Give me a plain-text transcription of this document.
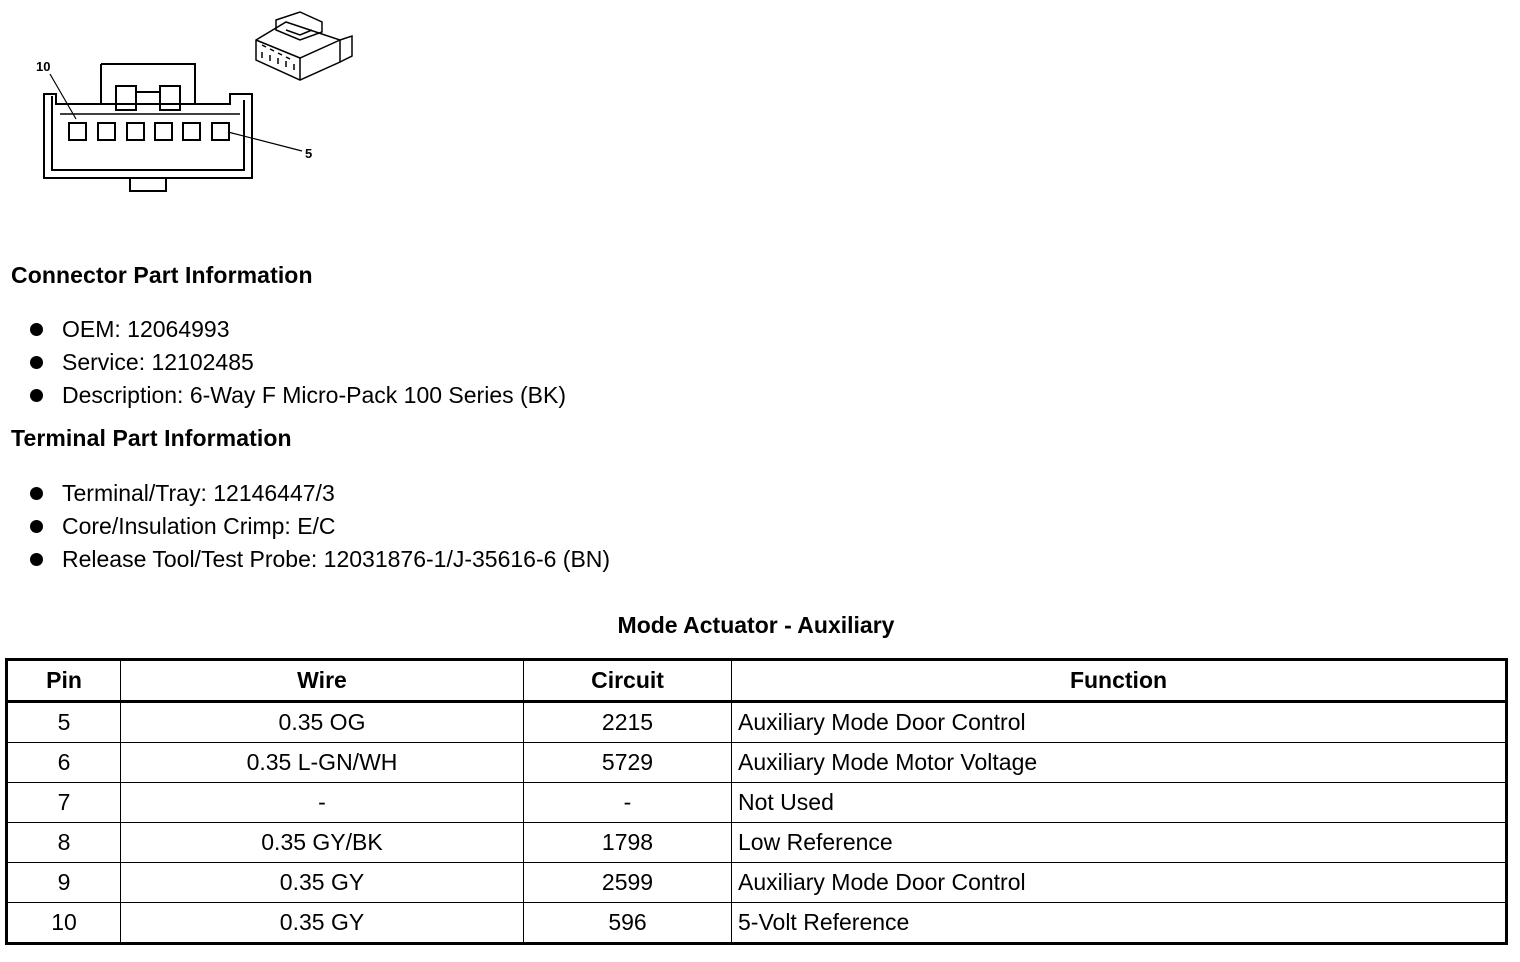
10
5
Connector Part Information
OEM: 12064993
Service: 12102485
Description: 6-Way F Micro-Pack 100 Series (BK)
Terminal Part Information
Terminal/Tray: 12146447/3
Core/Insulation Crimp: E/C
Release Tool/Test Probe: 12031876-1/J-35616-6 (BN)
Mode Actuator - Auxiliary
Pin	Wire	Circuit	Function
5	0.35 OG	2215	Auxiliary Mode Door Control
6	0.35 L-GN/WH	5729	Auxiliary Mode Motor Voltage
7	-	-	Not Used
8	0.35 GY/BK	1798	Low Reference
9	0.35 GY	2599	Auxiliary Mode Door Control
10	0.35 GY	596	5-Volt Reference
